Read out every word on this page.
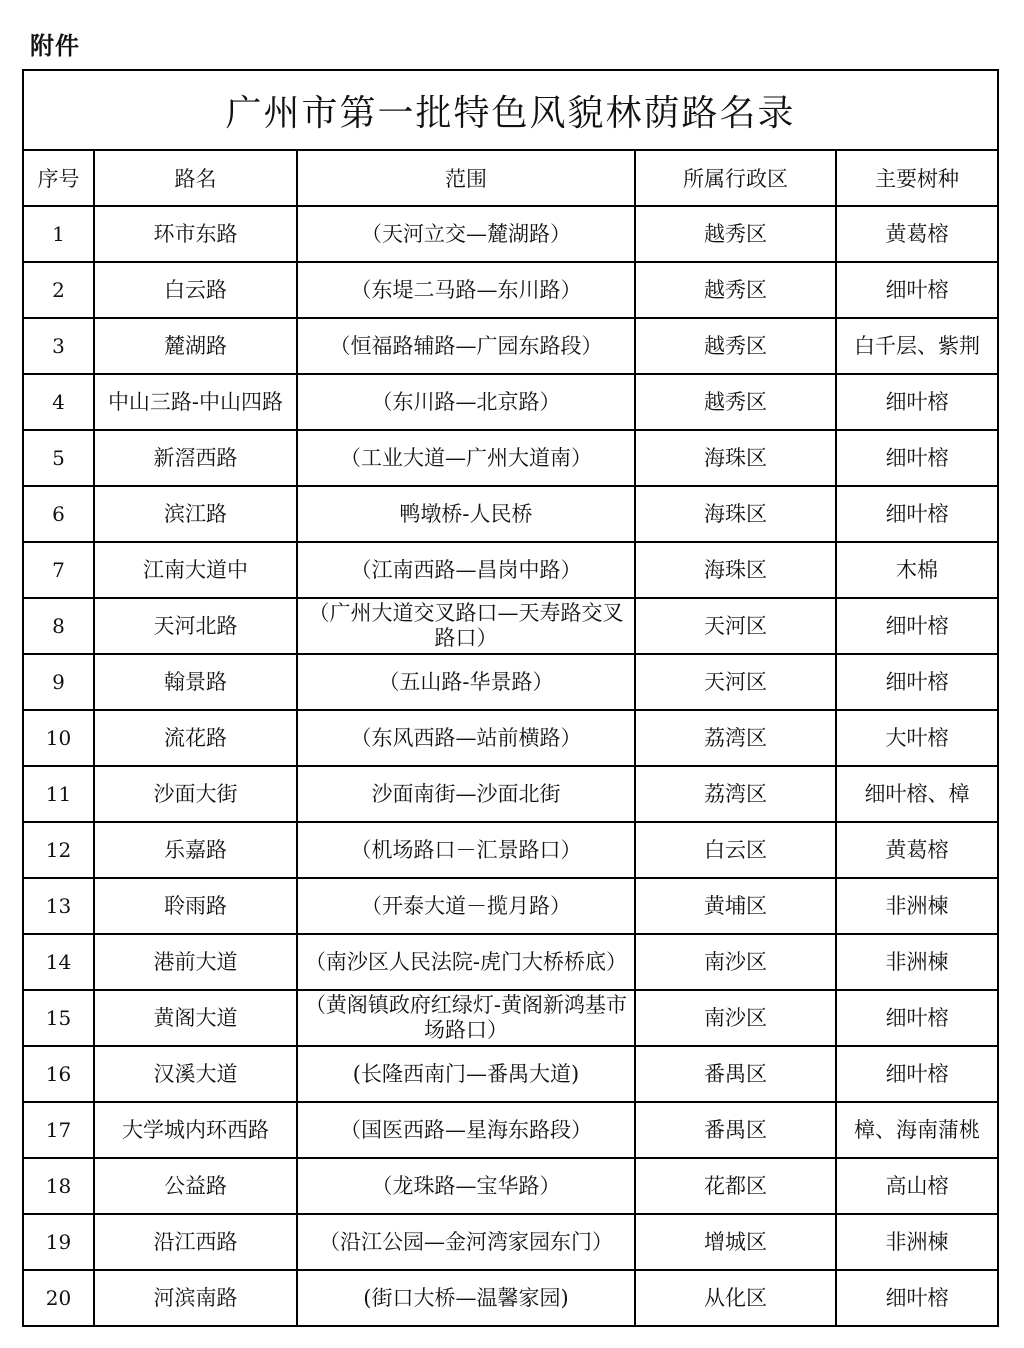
附件
广州市第一批特色风貌林荫路名录				
序号	路名	范围	所属行政区	主要树种
1	环市东路	（天河立交—麓湖路）	越秀区	黄葛榕
2	白云路	（东堤二马路—东川路）	越秀区	细叶榕
3	麓湖路	（恒福路辅路—广园东路段）	越秀区	白千层、紫荆
4	中山三路-中山四路	（东川路—北京路）	越秀区	细叶榕
5	新滘西路	（工业大道—广州大道南）	海珠区	细叶榕
6	滨江路	鸭墩桥-人民桥	海珠区	细叶榕
7	江南大道中	（江南西路—昌岗中路）	海珠区	木棉
8	天河北路	（广州大道交叉路口—天寿路交叉路口）	天河区	细叶榕
9	翰景路	（五山路-华景路）	天河区	细叶榕
10	流花路	（东风西路—站前横路）	荔湾区	大叶榕
11	沙面大街	沙面南街—沙面北街	荔湾区	细叶榕、樟
12	乐嘉路	（机场路口－汇景路口）	白云区	黄葛榕
13	聆雨路	（开泰大道－揽月路）	黄埔区	非洲楝
14	港前大道	（南沙区人民法院-虎门大桥桥底）	南沙区	非洲楝
15	黄阁大道	（黄阁镇政府红绿灯-黄阁新鸿基市场路口）	南沙区	细叶榕
16	汉溪大道	(长隆西南门—番禺大道)	番禺区	细叶榕
17	大学城内环西路	（国医西路—星海东路段）	番禺区	樟、海南蒲桃
18	公益路	（龙珠路—宝华路）	花都区	高山榕
19	沿江西路	（沿江公园—金河湾家园东门）	增城区	非洲楝
20	河滨南路	(街口大桥—温馨家园)	从化区	细叶榕
